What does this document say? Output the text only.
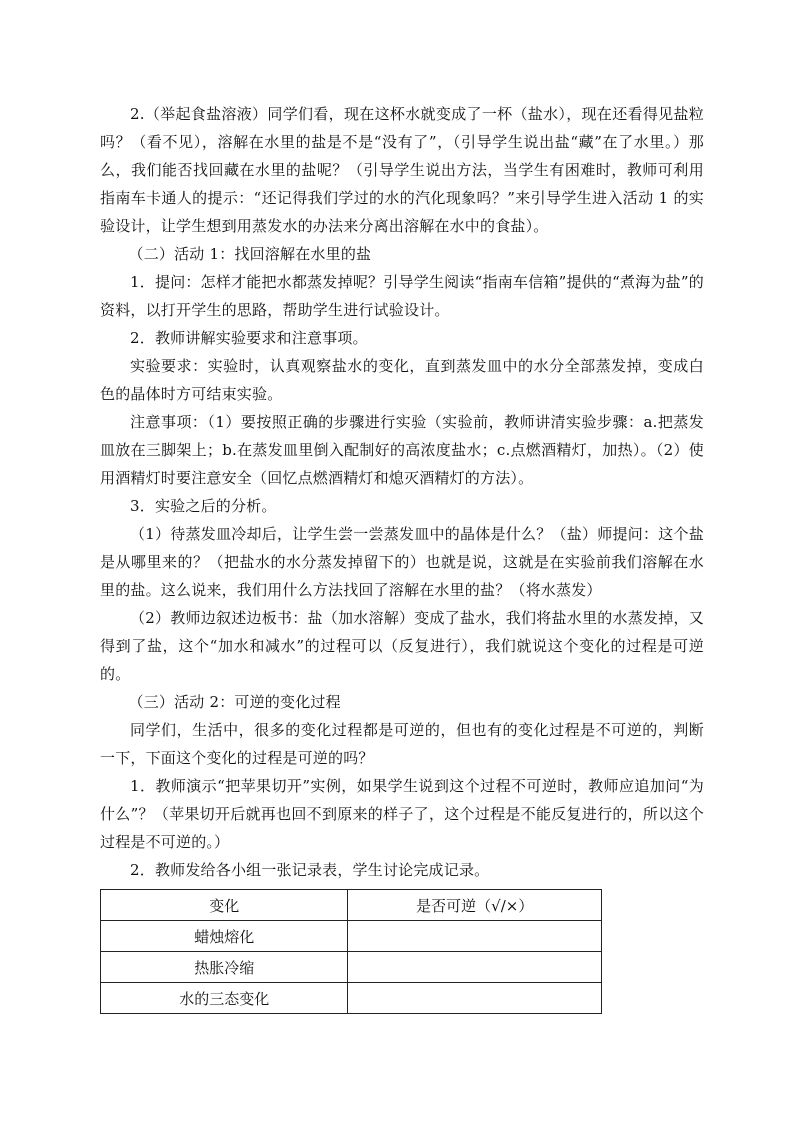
2.（举起食盐溶液）同学们看，现在这杯水就变成了一杯（盐水），现在还看得见盐粒吗？（看不见），溶解在水里的盐是不是“没有了”，（引导学生说出盐“藏”在了水里。）那么，我们能否找回藏在水里的盐呢？（引导学生说出方法，当学生有困难时，教师可利用指南车卡通人的提示：“还记得我们学过的水的汽化现象吗？”来引导学生进入活动 1 的实验设计，让学生想到用蒸发水的办法来分离出溶解在水中的食盐）。

（二）活动 1：找回溶解在水里的盐

1．提问：怎样才能把水都蒸发掉呢？引导学生阅读“指南车信箱”提供的“煮海为盐”的资料，以打开学生的思路，帮助学生进行试验设计。

2．教师讲解实验要求和注意事项。

实验要求：实验时，认真观察盐水的变化，直到蒸发皿中的水分全部蒸发掉，变成白色的晶体时方可结束实验。

注意事项：（1）要按照正确的步骤进行实验（实验前，教师讲清实验步骤：a.把蒸发皿放在三脚架上；b.在蒸发皿里倒入配制好的高浓度盐水；c.点燃酒精灯，加热）。（2）使用酒精灯时要注意安全（回忆点燃酒精灯和熄灭酒精灯的方法）。

3．实验之后的分析。

（1）待蒸发皿冷却后，让学生尝一尝蒸发皿中的晶体是什么？（盐）师提问：这个盐是从哪里来的？（把盐水的水分蒸发掉留下的）也就是说，这就是在实验前我们溶解在水里的盐。这么说来，我们用什么方法找回了溶解在水里的盐？（将水蒸发）

（2）教师边叙述边板书：盐（加水溶解）变成了盐水，我们将盐水里的水蒸发掉，又得到了盐，这个“加水和减水”的过程可以（反复进行），我们就说这个变化的过程是可逆的。

（三）活动 2：可逆的变化过程

同学们，生活中，很多的变化过程都是可逆的，但也有的变化过程是不可逆的，判断一下，下面这个变化的过程是可逆的吗？

1．教师演示“把苹果切开”实例，如果学生说到这个过程不可逆时，教师应追加问“为什么”？（苹果切开后就再也回不到原来的样子了，这个过程是不能反复进行的，所以这个过程是不可逆的。）

2．教师发给各小组一张记录表，学生讨论完成记录。

变化	是否可逆（√/×）
蜡烛熔化	
热胀冷缩	
水的三态变化	
